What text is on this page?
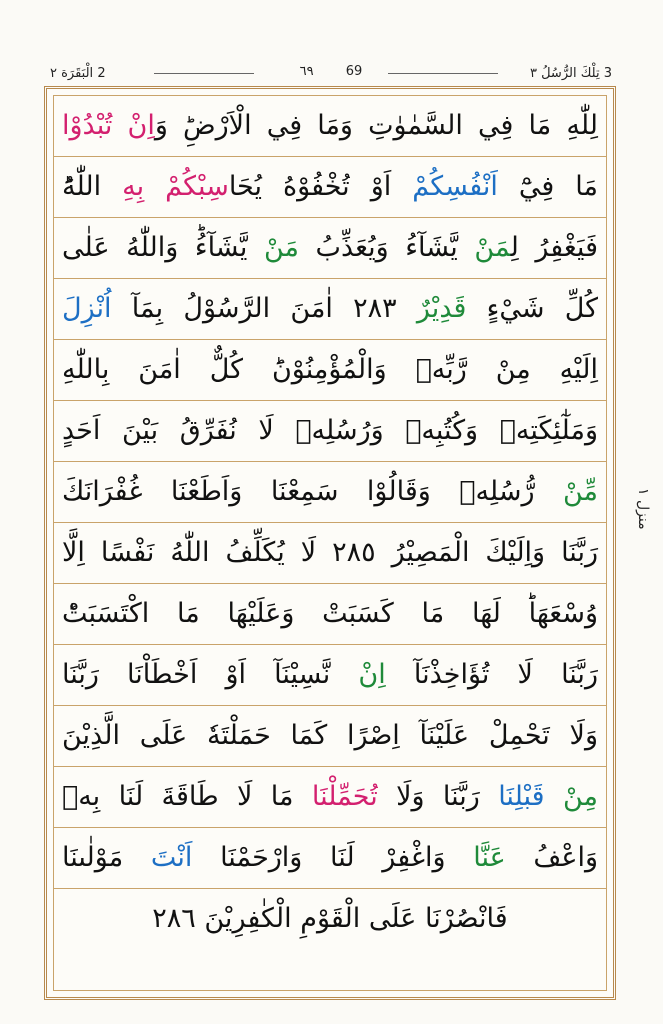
3 تِلْكَ الرُّسُلُ ٣
٦٩ 69
2 الْبَقَرَة ٢
لِلّٰهِ مَا فِي السَّمٰوٰتِ وَمَا فِي الْاَرْضِؕ وَاِنْ تُبْدُوْا
مَا فِيْٓ اَنْفُسِكُمْ اَوْ تُخْفُوْهُ يُحَاسِبْكُمْ بِهِ اللّٰهُؕ
فَيَغْفِرُ لِمَنْ يَّشَآءُ وَيُعَذِّبُ مَنْ يَّشَآءُؕ وَاللّٰهُ عَلٰى
كُلِّ شَيْءٍ قَدِيْرٌ ٢٨٣ اٰمَنَ الرَّسُوْلُ بِمَآ اُنْزِلَ
اِلَيْهِ مِنْ رَّبِّهٖ وَالْمُؤْمِنُوْنَؕ كُلٌّ اٰمَنَ بِاللّٰهِ
وَمَلٰٓئِكَتِهٖ وَكُتُبِهٖ وَرُسُلِهٖ لَا نُفَرِّقُ بَيْنَ اَحَدٍ
مِّنْ رُّسُلِهٖ وَقَالُوْا سَمِعْنَا وَاَطَعْنَا غُفْرَانَكَ
رَبَّنَا وَاِلَيْكَ الْمَصِيْرُ ٢٨٥ لَا يُكَلِّفُ اللّٰهُ نَفْسًا اِلَّا
وُسْعَهَاؕ لَهَا مَا كَسَبَتْ وَعَلَيْهَا مَا اكْتَسَبَتْؕ
رَبَّنَا لَا تُؤَاخِذْنَآ اِنْ نَّسِيْنَآ اَوْ اَخْطَاْنَا رَبَّنَا
وَلَا تَحْمِلْ عَلَيْنَآ اِصْرًا كَمَا حَمَلْتَهٗ عَلَى الَّذِيْنَ
مِنْ قَبْلِنَا رَبَّنَا وَلَا تُحَمِّلْنَا مَا لَا طَاقَةَ لَنَا بِهٖ
وَاعْفُ عَنَّا وَاغْفِرْ لَنَا وَارْحَمْنَا اَنْتَ مَوْلٰىنَا
فَانْصُرْنَا عَلَى الْقَوْمِ الْكٰفِرِيْنَ ٢٨٦
منزل ١
